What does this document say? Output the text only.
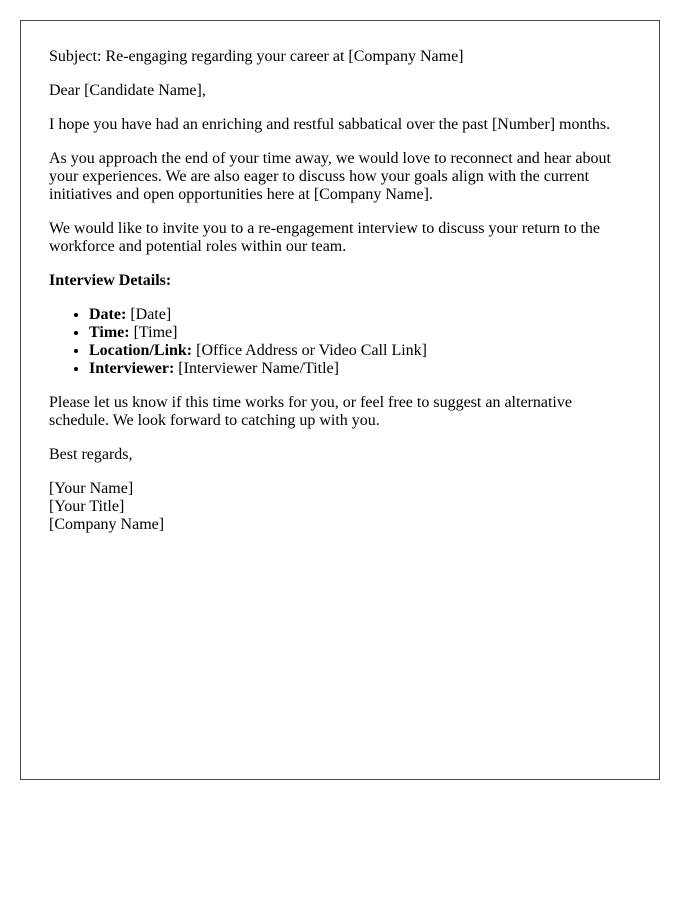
Subject: Re-engaging regarding your career at [Company Name]

Dear [Candidate Name],

I hope you have had an enriching and restful sabbatical over the past [Number] months.

As you approach the end of your time away, we would love to reconnect and hear about your experiences. We are also eager to discuss how your goals align with the current initiatives and open opportunities here at [Company Name].

We would like to invite you to a re-engagement interview to discuss your return to the workforce and potential roles within our team.

Interview Details:
• Date: [Date]
• Time: [Time]
• Location/Link: [Office Address or Video Call Link]
• Interviewer: [Interviewer Name/Title]

Please let us know if this time works for you, or feel free to suggest an alternative schedule. We look forward to catching up with you.

Best regards,

[Your Name]
[Your Title]
[Company Name]
